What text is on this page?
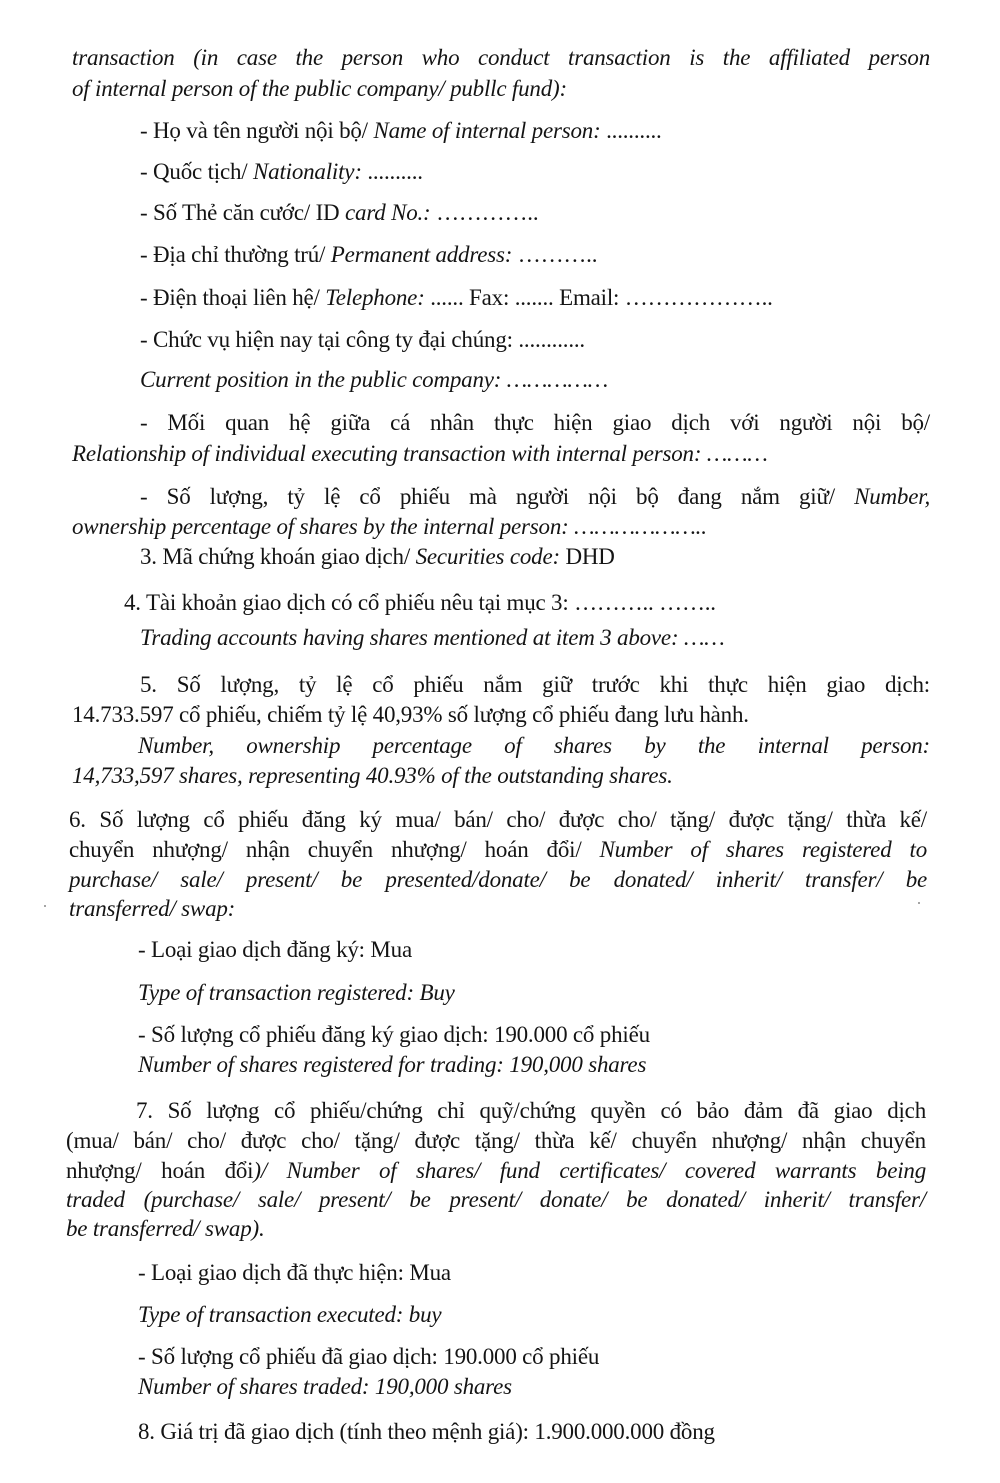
transaction (in case the person who conduct transaction is the affiliated person
of internal person of the public company/ publlc fund):
- Họ và tên người nội bộ/ Name of internal person: ..........
- Quốc tịch/ Nationality: ..........
- Số Thẻ căn cước/ ID card No.: …………..
- Địa chỉ thường trú/ Permanent address: ………..
- Điện thoại liên hệ/ Telephone: ...... Fax: ....... Email: ………………..
- Chức vụ hiện nay tại công ty đại chúng: ............
Current position in the public company: ……………
- Mối quan hệ giữa cá nhân thực hiện giao dịch với người nội bộ/
Relationship of individual executing transaction with internal person: ………
- Số lượng, tỷ lệ cổ phiếu mà người nội bộ đang nắm giữ/ Number,
ownership percentage of shares by the internal person: ………………..
3. Mã chứng khoán giao dịch/ Securities code: DHD
4. Tài khoản giao dịch có cổ phiếu nêu tại mục 3: ……….. ……..
Trading accounts having shares mentioned at item 3 above: ……
5. Số lượng, tỷ lệ cổ phiếu nắm giữ trước khi thực hiện giao dịch:
14.733.597 cổ phiếu, chiếm tỷ lệ 40,93% số lượng cổ phiếu đang lưu hành.
Number, ownership percentage of shares by the internal person:
14,733,597 shares, representing 40.93% of the outstanding shares.
6. Số lượng cổ phiếu đăng ký mua/ bán/ cho/ được cho/ tặng/ được tặng/ thừa kế/
chuyển nhượng/ nhận chuyển nhượng/ hoán đổi/ Number of shares registered to
purchase/ sale/ present/ be presented/donate/ be donated/ inherit/ transfer/ be
transferred/ swap:
- Loại giao dịch đăng ký: Mua
Type of transaction registered: Buy
- Số lượng cổ phiếu đăng ký giao dịch: 190.000 cổ phiếu
Number of shares registered for trading: 190,000 shares
7. Số lượng cổ phiếu/chứng chỉ quỹ/chứng quyền có bảo đảm đã giao dịch
(mua/ bán/ cho/ được cho/ tặng/ được tặng/ thừa kế/ chuyển nhượng/ nhận chuyển
nhượng/ hoán đổi)/ Number of shares/ fund certificates/ covered warrants being
traded (purchase/ sale/ present/ be present/ donate/ be donated/ inherit/ transfer/
be transferred/ swap).
- Loại giao dịch đã thực hiện: Mua
Type of transaction executed: buy
- Số lượng cổ phiếu đã giao dịch: 190.000 cổ phiếu
Number of shares traded: 190,000 shares
8. Giá trị đã giao dịch (tính theo mệnh giá): 1.900.000.000 đồng
